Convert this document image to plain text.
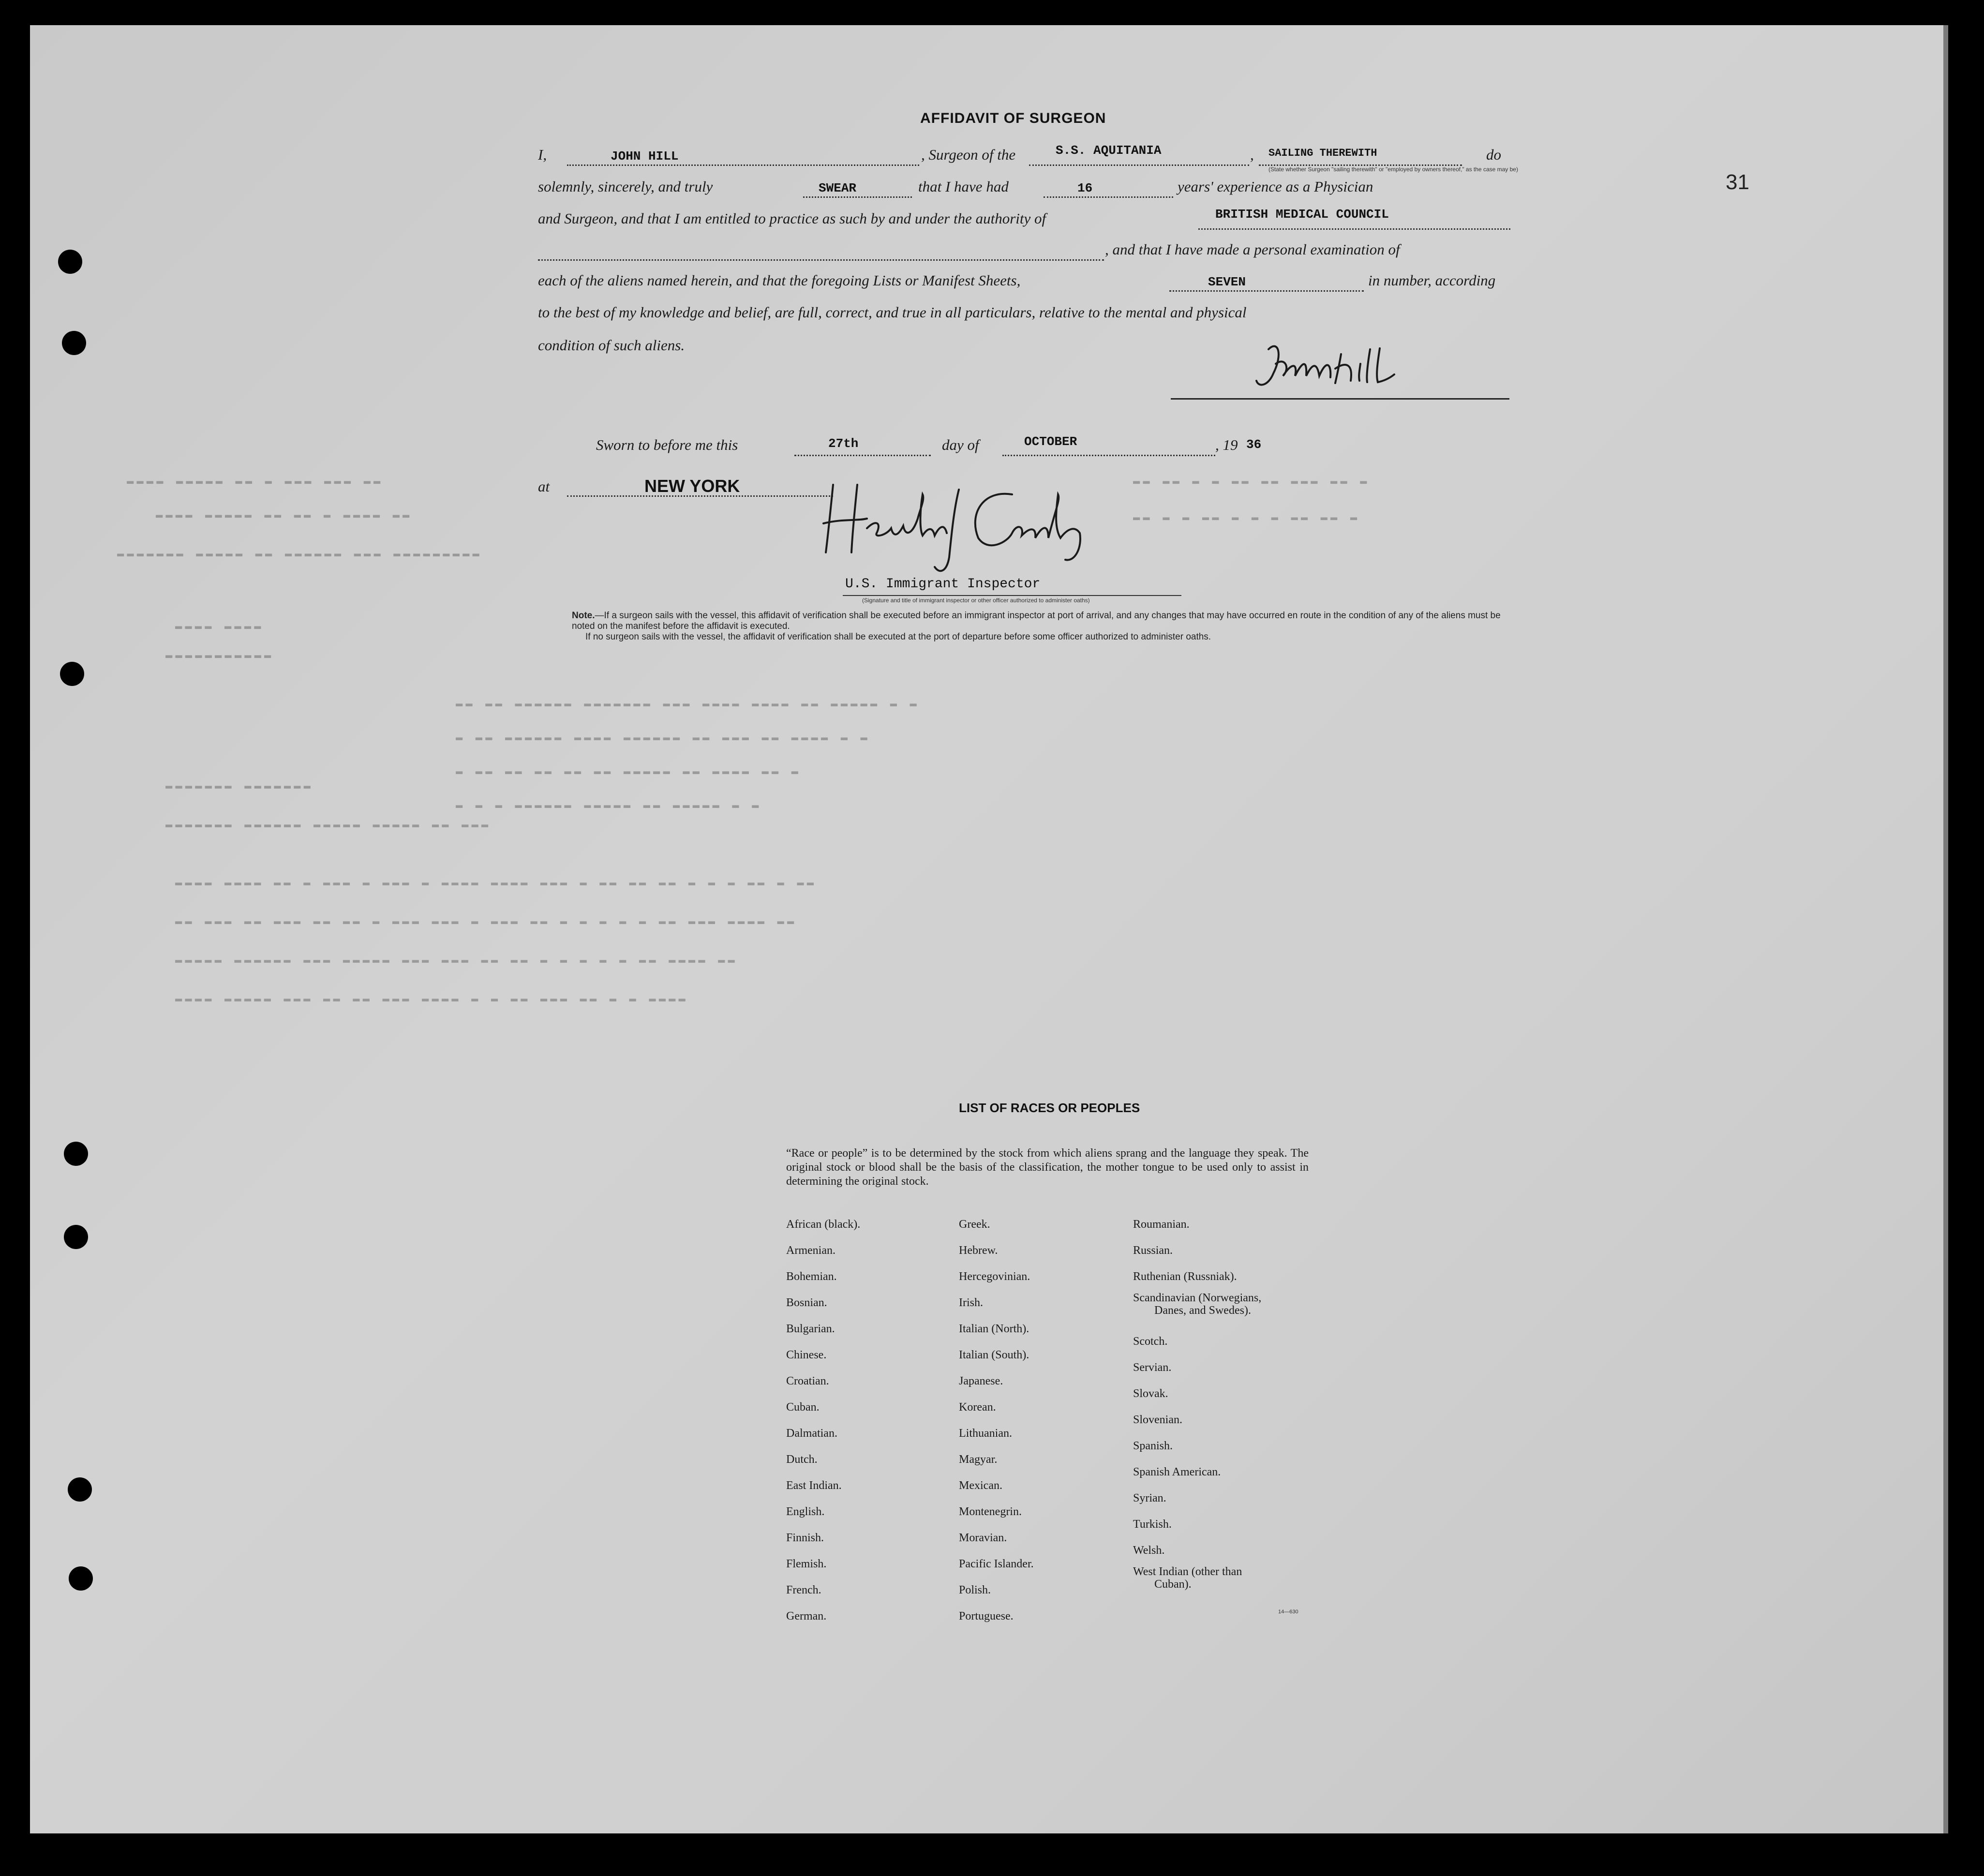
31
AFFIDAVIT OF SURGEON
I,	JOHN HILL	, Surgeon of the	S.S. AQUITANIA	, SAILING THEREWITH
(State whether Surgeon "sailing therewith" or "employed by owners thereof," as the case may be)
do
solemnly, sincerely, and truly	SWEAR	that I have had	16	years' experience as a Physician
and Surgeon, and that I am entitled to practice as such by and under the authority of	BRITISH MEDICAL COUNCIL
, and that I have made a personal examination of
each of the aliens named herein, and that the foregoing Lists or Manifest Sheets,	SEVEN	in number, according
to the best of my knowledge and belief, are full, correct, and true in all particulars, relative to the mental and physical
condition of such aliens.
Sworn to before me this	27th	day of	OCTOBER	, 19 36
at	NEW YORK
U.S. Immigrant Inspector
(Signature and title of immigrant inspector or other officer authorized to administer oaths)
Note.—If a surgeon sails with the vessel, this affidavit of verification shall be executed before an immigrant inspector at port of arrival, and any changes that may have occurred en route in the condition of any of the aliens must be noted on the manifest before the affidavit is executed.
If no surgeon sails with the vessel, the affidavit of verification shall be executed at the port of departure before some officer authorized to administer oaths.
▬▬▬▬ ▬▬▬▬▬ ▬▬ ▬ ▬▬▬ ▬▬▬ ▬▬
▬▬▬▬ ▬▬▬▬▬ ▬▬ ▬▬ ▬ ▬▬▬▬ ▬▬
▬▬ ▬▬ ▬ ▬ ▬▬ ▬▬ ▬▬▬ ▬▬ ▬
▬▬ ▬ ▬ ▬▬ ▬ ▬ ▬ ▬▬ ▬▬ ▬
▬▬▬▬▬▬▬ ▬▬▬▬▬ ▬▬ ▬▬▬▬▬▬ ▬▬▬ ▬▬▬▬▬▬▬▬▬
▬▬▬▬ ▬▬▬▬
▬▬▬▬▬▬▬▬▬▬▬
▬▬ ▬▬ ▬▬▬▬▬▬ ▬▬▬▬▬▬▬ ▬▬▬ ▬▬▬▬ ▬▬▬▬ ▬▬ ▬▬▬▬▬ ▬ ▬
▬ ▬▬ ▬▬▬▬▬▬ ▬▬▬▬ ▬▬▬▬▬▬ ▬▬ ▬▬▬ ▬▬ ▬▬▬▬ ▬ ▬
▬ ▬▬ ▬▬ ▬▬ ▬▬ ▬▬ ▬▬▬▬▬ ▬▬ ▬▬▬▬ ▬▬ ▬
▬▬▬▬▬▬▬ ▬▬▬▬▬▬▬
▬ ▬ ▬ ▬▬▬▬▬▬ ▬▬▬▬▬ ▬▬ ▬▬▬▬▬ ▬ ▬
▬▬▬▬▬▬▬ ▬▬▬▬▬▬ ▬▬▬▬▬ ▬▬▬▬▬ ▬▬ ▬▬▬
▬▬▬▬ ▬▬▬▬ ▬▬ ▬ ▬▬▬ ▬ ▬▬▬ ▬ ▬▬▬▬ ▬▬▬▬ ▬▬▬ ▬ ▬▬ ▬▬ ▬▬ ▬ ▬ ▬ ▬▬ ▬ ▬▬
▬▬ ▬▬▬ ▬▬ ▬▬▬ ▬▬ ▬▬ ▬ ▬▬▬ ▬▬▬ ▬ ▬▬▬ ▬▬ ▬ ▬ ▬ ▬ ▬ ▬▬ ▬▬▬ ▬▬▬▬ ▬▬
▬▬▬▬▬ ▬▬▬▬▬▬ ▬▬▬ ▬▬▬▬▬ ▬▬▬ ▬▬▬ ▬▬ ▬▬ ▬ ▬ ▬ ▬ ▬ ▬▬ ▬▬▬▬ ▬▬
▬▬▬▬ ▬▬▬▬▬ ▬▬▬ ▬▬ ▬▬ ▬▬▬ ▬▬▬▬ ▬ ▬ ▬▬ ▬▬▬ ▬▬ ▬ ▬ ▬▬▬▬
LIST OF RACES OR PEOPLES
“Race or people” is to be determined by the stock from which aliens sprang and the language they speak. The original stock or blood shall be the basis of the classification, the mother tongue to be used only to assist in determining the original stock.
African (black).
Armenian.
Bohemian.
Bosnian.
Bulgarian.
Chinese.
Croatian.
Cuban.
Dalmatian.
Dutch.
East Indian.
English.
Finnish.
Flemish.
French.
German.
Greek.
Hebrew.
Hercegovinian.
Irish.
Italian (North).
Italian (South).
Japanese.
Korean.
Lithuanian.
Magyar.
Mexican.
Montenegrin.
Moravian.
Pacific Islander.
Polish.
Portuguese.
Roumanian.
Russian.
Ruthenian (Russniak).
Scandinavian (Norwegians,
Danes, and Swedes).
Scotch.
Servian.
Slovak.
Slovenian.
Spanish.
Spanish American.
Syrian.
Turkish.
Welsh.
West Indian (other than
Cuban).
14—630
